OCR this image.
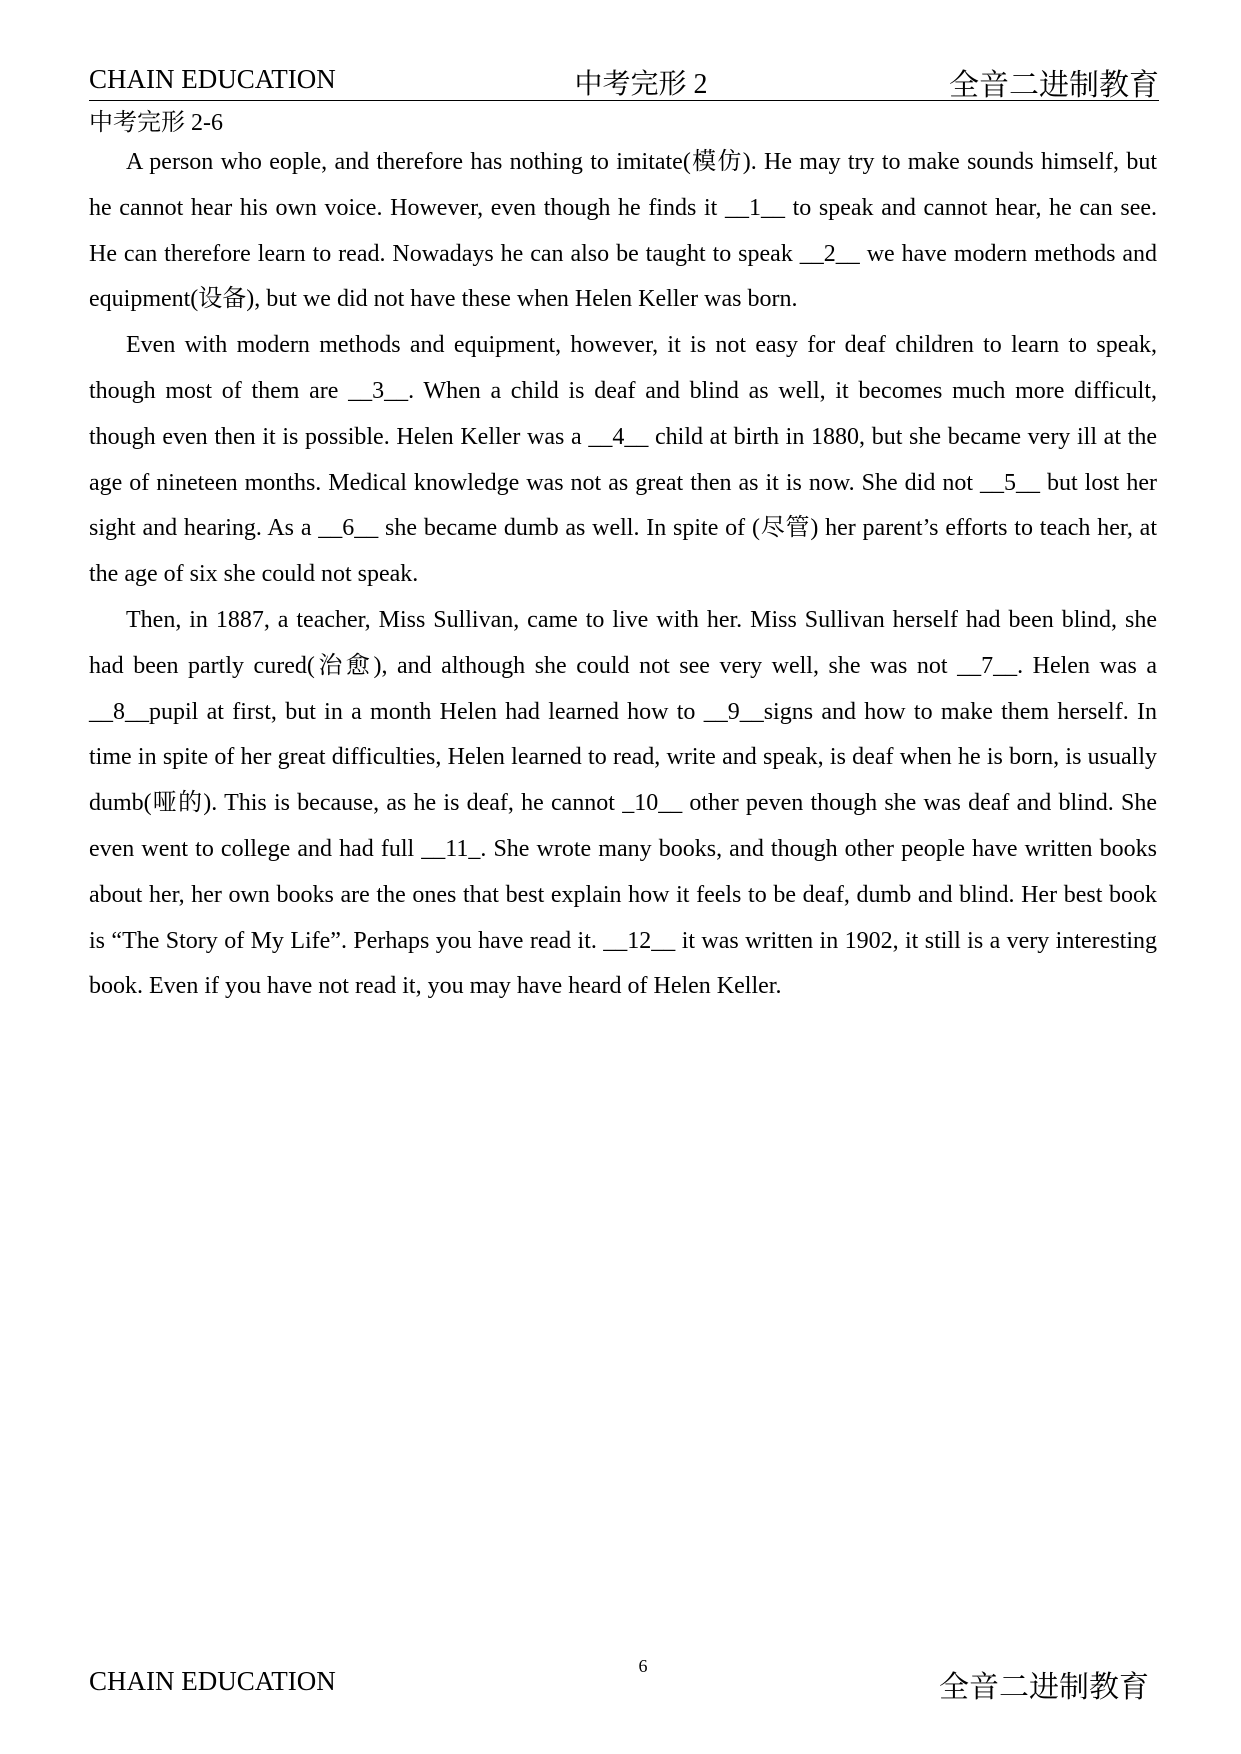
CHAIN EDUCATION	中考完形 2	全音二进制教育
中考完形 2-6

A person who eople, and therefore has nothing to imitate(模仿). He may try to make sounds himself, but he cannot hear his own voice. However, even though he finds it __1__ to speak and cannot hear, he can see. He can therefore learn to read. Nowadays he can also be taught to speak __2__ we have modern methods and equipment(设备), but we did not have these when Helen Keller was born.

Even with modern methods and equipment, however, it is not easy for deaf children to learn to speak, though most of them are __3__. When a child is deaf and blind as well, it becomes much more difficult, though even then it is possible. Helen Keller was a __4__ child at birth in 1880, but she became very ill at the age of nineteen months. Medical knowledge was not as great then as it is now. She did not __5__ but lost her sight and hearing. As a __6__ she became dumb as well. In spite of (尽管) her parent’s efforts to teach her, at the age of six she could not speak.

Then, in 1887, a teacher, Miss Sullivan, came to live with her. Miss Sullivan herself had been blind, she had been partly cured(治愈), and although she could not see very well, she was not __7__. Helen was a __8__pupil at first, but in a month Helen had learned how to __9__signs and how to make them herself. In time in spite of her great difficulties, Helen learned to read, write and speak, is deaf when he is born, is usually dumb(哑的). This is because, as he is deaf, he cannot _10__ other peven though she was deaf and blind. She even went to college and had full __11_. She wrote many books, and though other people have written books about her, her own books are the ones that best explain how it feels to be deaf, dumb and blind. Her best book is “The Story of My Life”. Perhaps you have read it. __12__ it was written in 1902, it still is a very interesting book. Even if you have not read it, you may have heard of Helen Keller.

CHAIN EDUCATION	6
全音二进制教育
